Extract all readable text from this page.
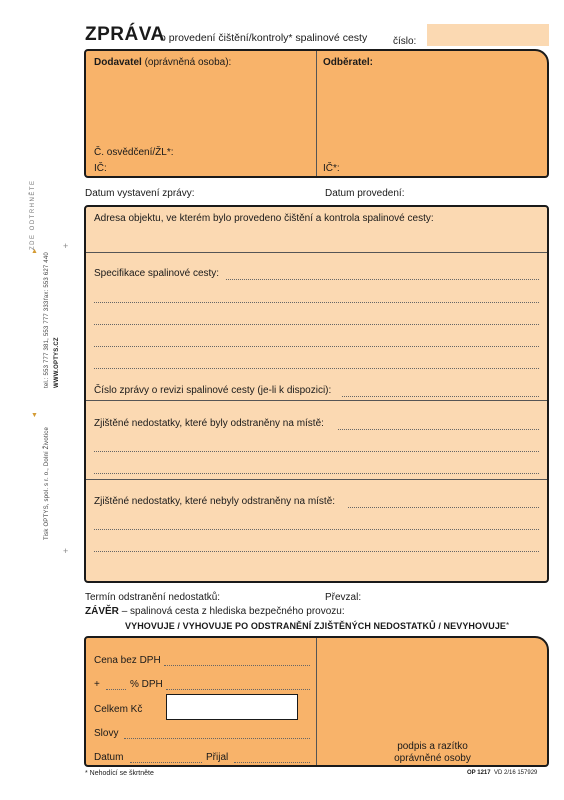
ZDE ODTRHNĚTE
▲
▼
+
+
Tisk OPTYS, spol. s r. o., Dolní Životice
tel.: 553 777 381, 553 777 333
fax: 553 627 440
WWW.OPTYS.CZ
ZPRÁVA
o provedení čištění/kontroly* spalinové cesty	číslo:
Dodavatel (oprávněná osoba):	Odběratel:
Č. osvědčení/ŽL*:
IČ:	IČ*:
Datum vystavení zprávy:	Datum provedení:
Adresa objektu, ve kterém bylo provedeno čištění a kontrola spalinové cesty:
Specifikace spalinové cesty:
Číslo zprávy o revizi spalinové cesty (je-li k dispozici):
Zjištěné nedostatky, které byly odstraněny na místě:
Zjištěné nedostatky, které nebyly odstraněny na místě:
Termín odstranění nedostatků:	Převzal:
ZÁVĚR – spalinová cesta z hlediska bezpečného provozu:
VYHOVUJE / VYHOVUJE PO ODSTRANĚNÍ ZJIŠTĚNÝCH NEDOSTATKŮ / NEVYHOVUJE*
Cena bez DPH
+	% DPH
Celkem Kč
Slovy
Datum	Přijal
podpis a razítko
oprávněné osoby
* Nehodící se škrtněte	OP 1217 VD 2/16 157929
